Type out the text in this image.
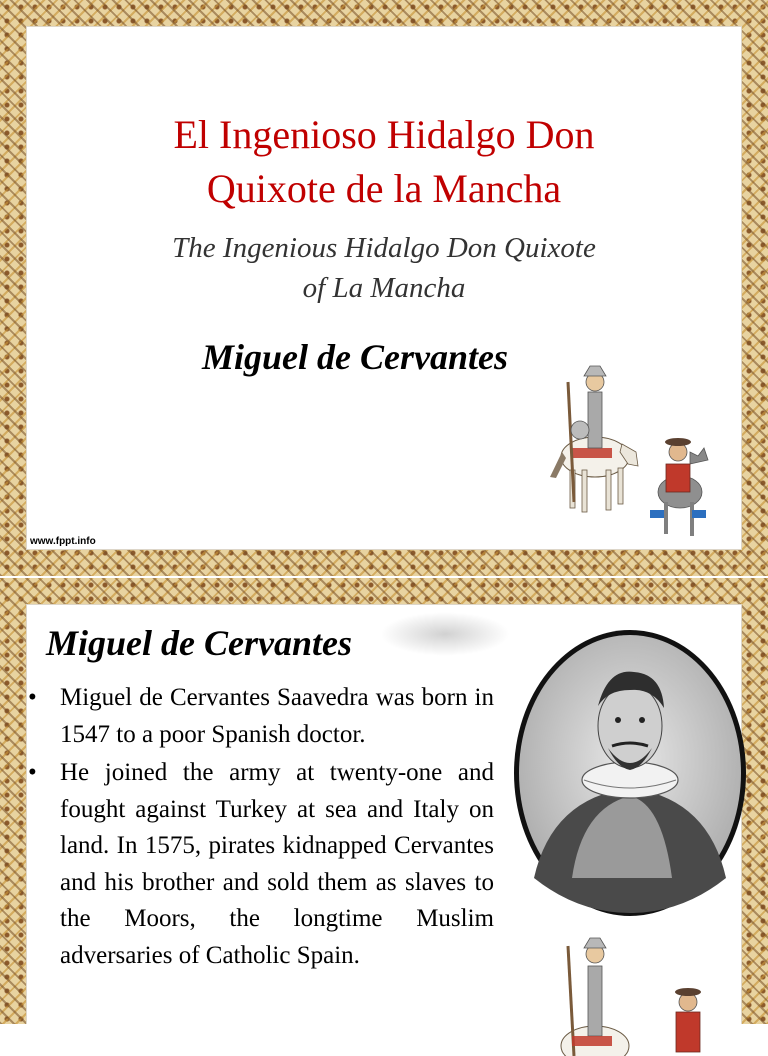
El Ingenioso Hidalgo Don
Quixote de la Mancha
The Ingenious Hidalgo Don Quixote
of La Mancha
Miguel de Cervantes
www.fppt.info
Miguel de Cervantes
• Miguel de Cervantes Saavedra was born in 1547 to a poor Spanish doctor.
• He joined the army at twenty-one and fought against Turkey at sea and Italy on land. In 1575, pirates kidnapped Cervantes and his brother and sold them as slaves to the Moors, the longtime Muslim adversaries of Catholic Spain.
